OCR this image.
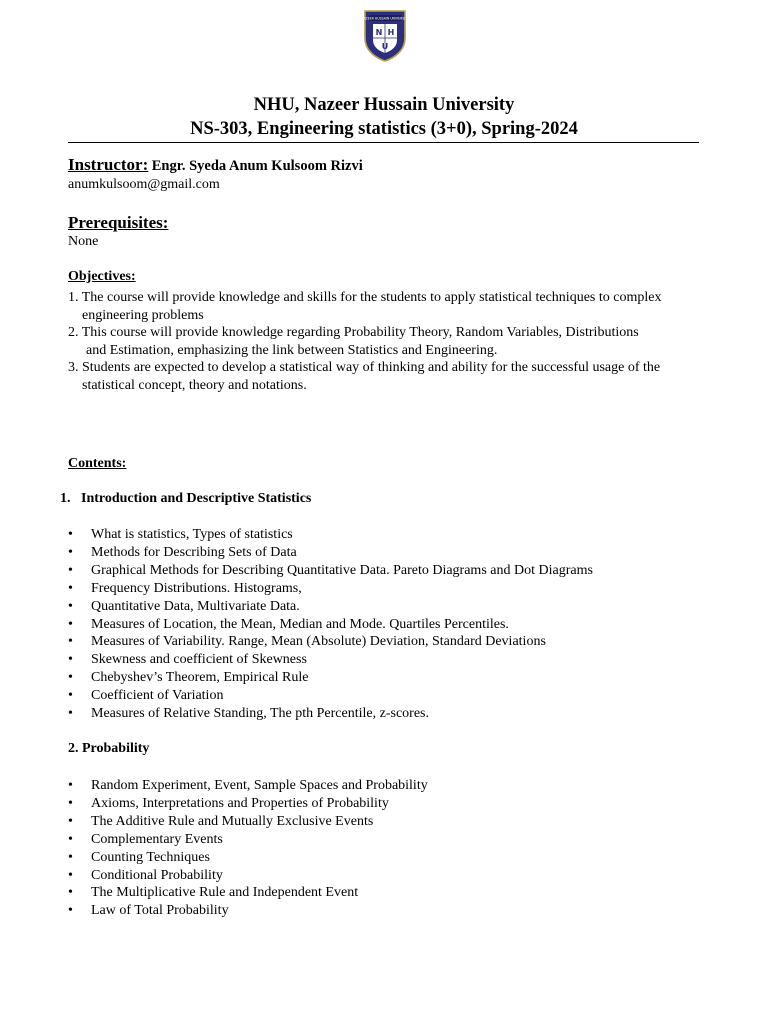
NAZEER HUSSAIN UNIVERSITY
N H
U
NHU, Nazeer Hussain University
NS-303, Engineering statistics (3+0), Spring-2024
Instructor: Engr. Syeda Anum Kulsoom Rizvi
anumkulsoom@gmail.com
Prerequisites:
None
Objectives:

1. The course will provide knowledge and skills for the students to apply statistical techniques to complex

engineering problems

2. This course will provide knowledge regarding Probability Theory, Random Variables, Distributions

and Estimation, emphasizing the link between Statistics and Engineering.

3. Students are expected to develop a statistical way of thinking and ability for the successful usage of the

statistical concept, theory and notations.

Contents:
1. Introduction and Descriptive Statistics
• What is statistics, Types of statistics
• Methods for Describing Sets of Data
• Graphical Methods for Describing Quantitative Data. Pareto Diagrams and Dot Diagrams
• Frequency Distributions. Histograms,
• Quantitative Data, Multivariate Data.
• Measures of Location, the Mean, Median and Mode. Quartiles Percentiles.
• Measures of Variability. Range, Mean (Absolute) Deviation, Standard Deviations
• Skewness and coefficient of Skewness
• Chebyshev’s Theorem, Empirical Rule
• Coefficient of Variation
• Measures of Relative Standing, The pth Percentile, z-scores.
2. Probability
• Random Experiment, Event, Sample Spaces and Probability
• Axioms, Interpretations and Properties of Probability
• The Additive Rule and Mutually Exclusive Events
• Complementary Events
• Counting Techniques
• Conditional Probability
• The Multiplicative Rule and Independent Event
• Law of Total Probability
